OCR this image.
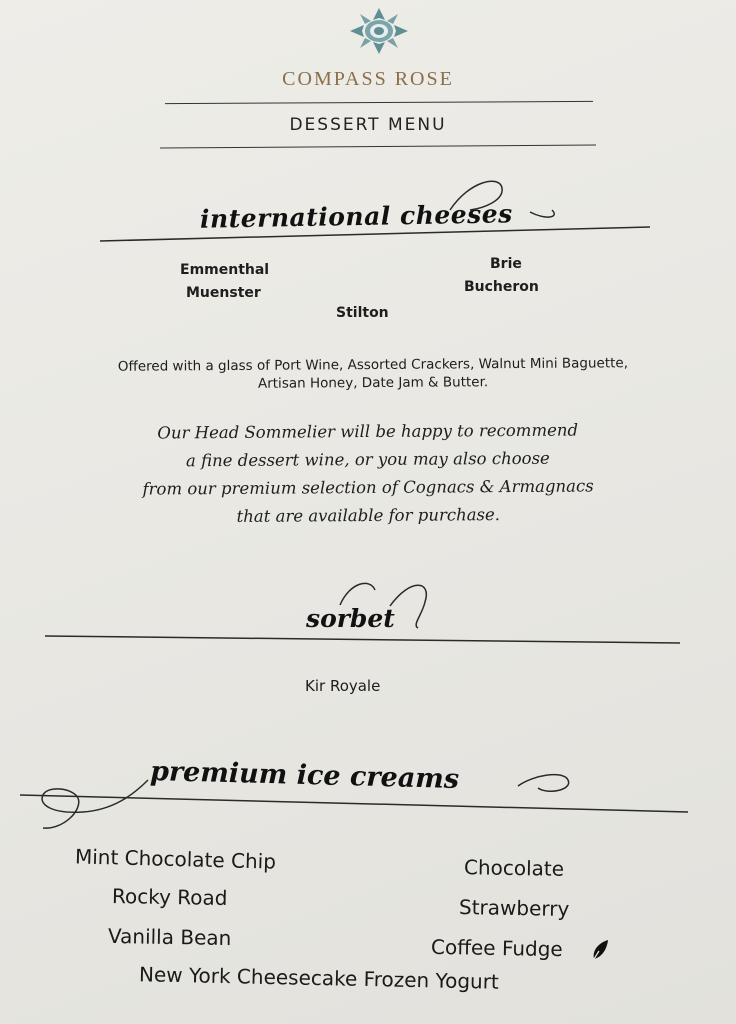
COMPASS ROSE
DESSERT MENU
international cheeses
Emmenthal
Muenster
Stilton
Brie
Bucheron
Offered with a glass of Port Wine, Assorted Crackers, Walnut Mini Baguette,
Artisan Honey, Date Jam & Butter.
Our Head Sommelier will be happy to recommend
a fine dessert wine, or you may also choose
from our premium selection of Cognacs & Armagnacs
that are available for purchase.
sorbet
Kir Royale
premium ice creams
Mint Chocolate Chip
Rocky Road
Vanilla Bean
Chocolate
Strawberry
Coffee Fudge
New York Cheesecake Frozen Yogurt
